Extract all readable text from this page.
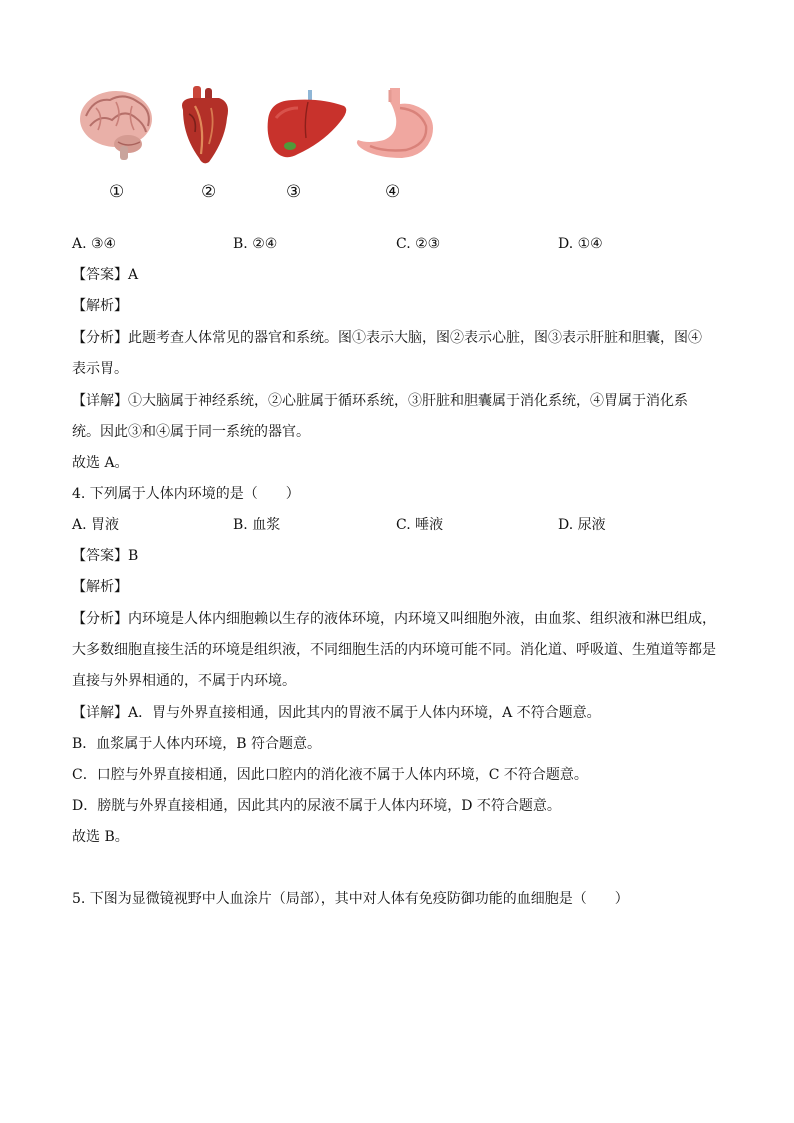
①	②	③	④
A. ③④	B. ②④	C. ②③	D. ①④
【答案】A
【解析】
【分析】此题考查人体常见的器官和系统。图①表示大脑，图②表示心脏，图③表示肝脏和胆囊，图④
表示胃。
【详解】①大脑属于神经系统，②心脏属于循环系统，③肝脏和胆囊属于消化系统，④胃属于消化系
统。因此③和④属于同一系统的器官。
故选 A。
4. 下列属于人体内环境的是（　　）
A. 胃液	B. 血浆	C. 唾液	D. 尿液
【答案】B
【解析】
【分析】内环境是人体内细胞赖以生存的液体环境，内环境又叫细胞外液，由血浆、组织液和淋巴组成，
大多数细胞直接生活的环境是组织液，不同细胞生活的内环境可能不同。消化道、呼吸道、生殖道等都是
直接与外界相通的，不属于内环境。
【详解】A．胃与外界直接相通，因此其内的胃液不属于人体内环境，A 不符合题意。
B．血浆属于人体内环境，B 符合题意。
C．口腔与外界直接相通，因此口腔内的消化液不属于人体内环境，C 不符合题意。
D．膀胱与外界直接相通，因此其内的尿液不属于人体内环境，D 不符合题意。
故选 B。
5. 下图为显微镜视野中人血涂片（局部），其中对人体有免疫防御功能的血细胞是（　　）
